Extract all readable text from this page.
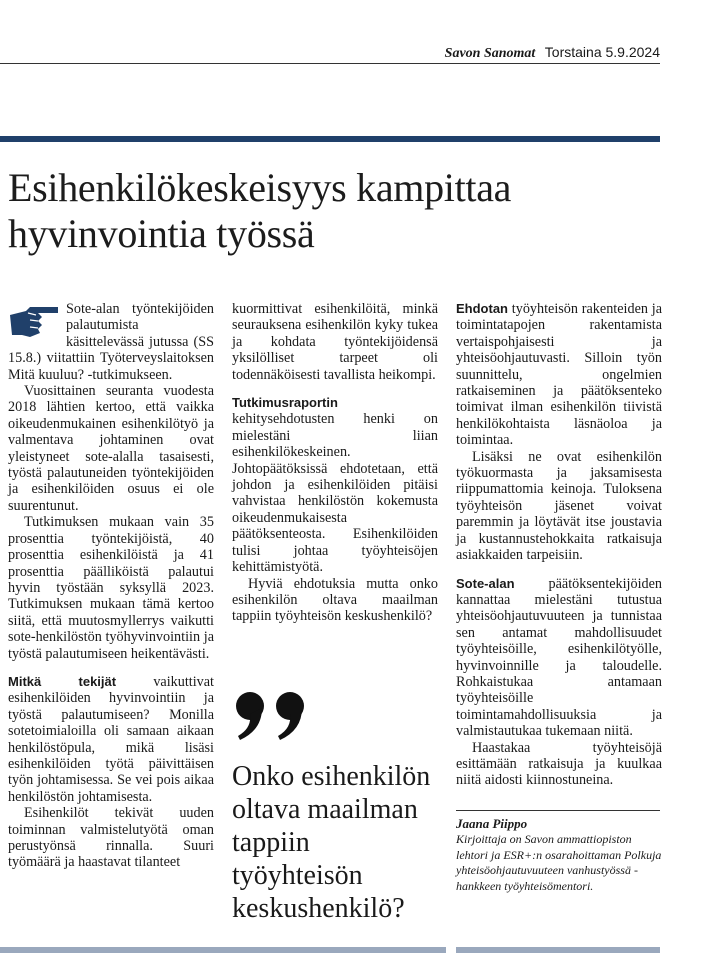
Savon Sanomat Torstaina 5.9.2024
Esihenkilökeskeisyys kampittaa hyvinvointia työssä

Sote-alan työntekijöiden palautumista käsittelevässä jutussa (SS 15.8.) viitattiin Työterveyslaitoksen Mitä kuuluu? -tutkimukseen.

Vuosittainen seuranta vuodesta 2018 lähtien kertoo, että vaikka oikeudenmukainen esihenkilötyö ja valmentava johtaminen ovat yleistyneet sote-alalla tasaisesti, työstä palautuneiden työntekijöiden ja esihenkilöiden osuus ei ole suurentunut.

Tutkimuksen mukaan vain 35 prosenttia työntekijöistä, 40 prosenttia esihenkilöistä ja 41 prosenttia päälliköistä palautui hyvin työstään syksyllä 2023. Tutkimuksen mukaan tämä kertoo siitä, että muutosmyllerrys vaikutti sote-henkilöstön työhyvinvointiin ja työstä palautumiseen heikentävästi.

Mitkä tekijät vaikuttivat esihenkilöiden hyvinvointiin ja työstä palautumiseen? Monilla sotetoimialoilla oli samaan aikaan henkilöstöpula, mikä lisäsi esihenkilöiden työtä päivittäisen työn johtamisessa. Se vei pois aikaa henkilöstön johtamisesta.

Esihenkilöt tekivät uuden toiminnan valmistelutyötä oman perustyönsä rinnalla. Suuri työmäärä ja haastavat tilanteet

kuormittivat esihenkilöitä, minkä seurauksena esihenkilön kyky tukea ja kohdata työntekijöidensä yksilölliset tarpeet oli todennäköisesti tavallista heikompi.

Tutkimusraportin kehitysehdotusten henki on mielestäni liian esihenkilökeskeinen. Johtopäätöksissä ehdotetaan, että johdon ja esihenkilöiden pitäisi vahvistaa henkilöstön kokemusta oikeudenmukaisesta päätöksenteosta. Esihenkilöiden tulisi johtaa työyhteisöjen kehittämistyötä.

Hyviä ehdotuksia mutta onko esihenkilön oltava maailman tappiin työyhteisön keskushenkilö?

Onko esihenkilön oltava maailman tappiin työyhteisön keskushenkilö?

Ehdotan työyhteisön rakenteiden ja toimintatapojen rakentamista vertaispohjaisesti ja yhteisöohjautuvasti. Silloin työn suunnittelu, ongelmien ratkaiseminen ja päätöksenteko toimivat ilman esihenkilön tiivistä henkilökohtaista läsnäoloa ja toimintaa.

Lisäksi ne ovat esihenkilön työkuormasta ja jaksamisesta riippumattomia keinoja. Tuloksena työyhteisön jäsenet voivat paremmin ja löytävät itse joustavia ja kustannustehokkaita ratkaisuja asiakkaiden tarpeisiin.

Sote-alan päätöksentekijöiden kannattaa mielestäni tutustua yhteisöohjautuvuuteen ja tunnistaa sen antamat mahdollisuudet työyhteisöille, esihenkilötyölle, hyvinvoinnille ja taloudelle. Rohkaistukaa antamaan työyhteisöille toimintamahdollisuuksia ja valmistautukaa tukemaan niitä.

Haastakaa työyhteisöjä esittämään ratkaisuja ja kuulkaa niitä aidosti kiinnostuneina.

Jaana Piippo
Kirjoittaja on Savon ammattiopiston lehtori ja ESR+:n osarahoittaman Polkuja yhteisöohjautuvuuteen vanhustyössä -hankkeen työyhteisömentori.
